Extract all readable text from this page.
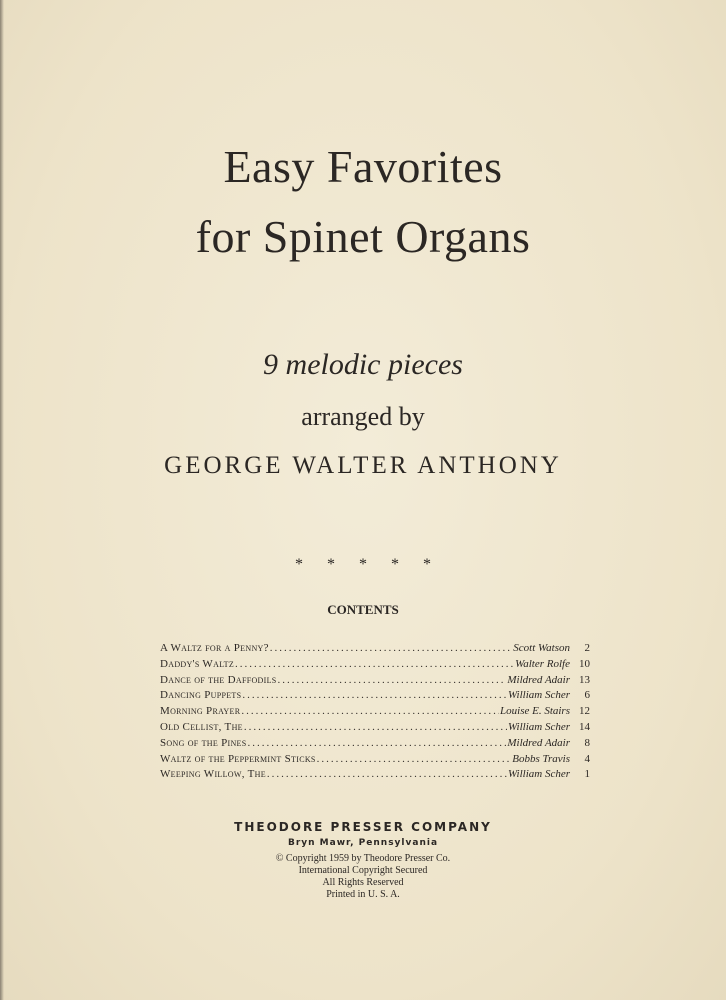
Easy Favorites
for Spinet Organs
9 melodic pieces
arranged by
GEORGE WALTER ANTHONY
* * * * *
CONTENTS
A Waltz for a Penny? .....	Scott Watson	2
Daddy's Waltz .....	Walter Rolfe 10
Dance of the Daffodils .....	Mildred Adair 13
Dancing Puppets .....	William Scher	6
Morning Prayer .....	Louise E. Stairs 12
Old Cellist, The .....	William Scher 14
Song of the Pines .....	Mildred Adair	8
Waltz of the Peppermint Sticks .....	Bobbs Travis	4
Weeping Willow, The .....	William Scher	1
THEODORE PRESSER COMPANY
Bryn Mawr, Pennsylvania
© Copyright 1959 by Theodore Presser Co.
International Copyright Secured
All Rights Reserved
Printed in U. S. A.
